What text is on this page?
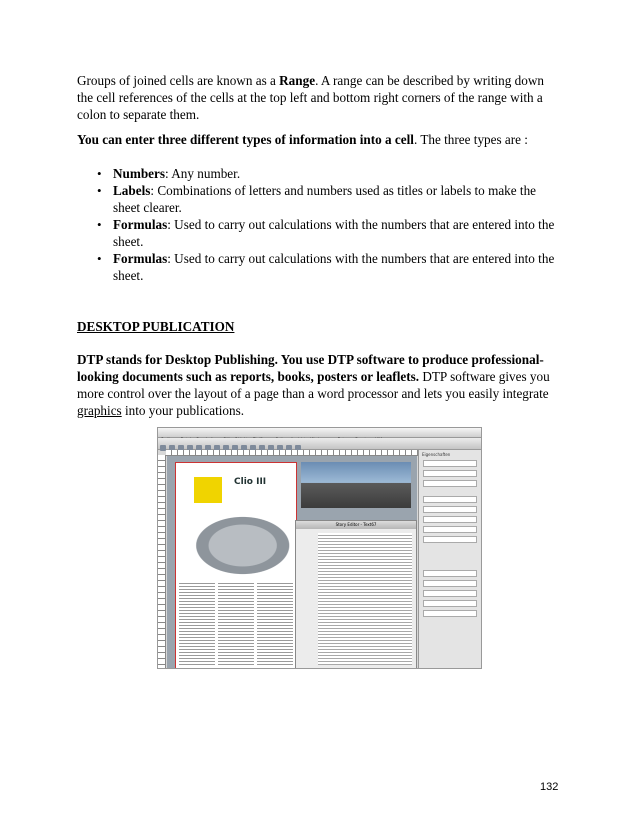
Groups of joined cells are known as a Range. A range can be described by writing down the cell references of the cells at the top left and bottom right corners of the range with a colon to separate them.

You can enter three different types of information into a cell. The three types are :

• Numbers: Any number.
• Labels: Combinations of letters and numbers used as titles or labels to make the sheet clearer.
• Formulas: Used to carry out calculations with the numbers that are entered into the sheet.
• Formulas: Used to carry out calculations with the numbers that are entered into the sheet.

DESKTOP PUBLICATION

DTP stands for Desktop Publishing. You use DTP software to produce professional-looking documents such as reports, books, posters or leaflets. DTP software gives you more control over the layout of a page than a word processor and lets you easily integrate graphics into your publications.

Clio III
Story Editor - Text67
Eigenschaften
132
